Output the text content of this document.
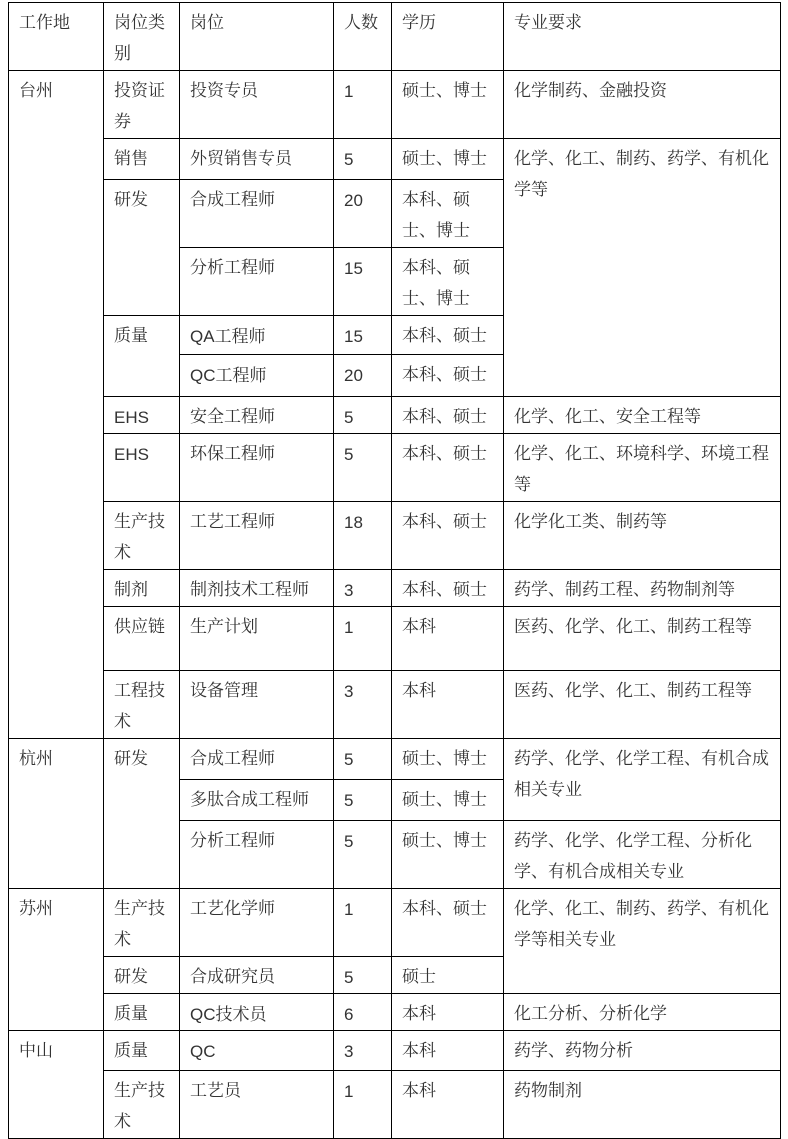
工作地	岗位类别	岗位	人数	学历	专业要求
台州	投资证券	投资专员	1	硕士、博士	化学制药、金融投资
	销售	外贸销售专员	5	硕士、博士	化学、化工、制药、药学、有机化学等
	研发	合成工程师	20	本科、硕士、博士	
		分析工程师	15	本科、硕士、博士	
	质量	QA工程师	15	本科、硕士	
		QC工程师	20	本科、硕士	
	EHS	安全工程师	5	本科、硕士	化学、化工、安全工程等
	EHS	环保工程师	5	本科、硕士	化学、化工、环境科学、环境工程等
	生产技术	工艺工程师	18	本科、硕士	化学化工类、制药等
	制剂	制剂技术工程师	3	本科、硕士	药学、制药工程、药物制剂等
	供应链	生产计划	1	本科	医药、化学、化工、制药工程等
	工程技术	设备管理	3	本科	医药、化学、化工、制药工程等
杭州	研发	合成工程师	5	硕士、博士	药学、化学、化学工程、有机合成相关专业
		多肽合成工程师	5	硕士、博士	
		分析工程师	5	硕士、博士	药学、化学、化学工程、分析化学、有机合成相关专业
苏州	生产技术	工艺化学师	1	本科、硕士	化学、化工、制药、药学、有机化学等相关专业
	研发	合成研究员	5	硕士	
	质量	QC技术员	6	本科	化工分析、分析化学
中山	质量	QC	3	本科	药学、药物分析
	生产技术	工艺员	1	本科	药物制剂
